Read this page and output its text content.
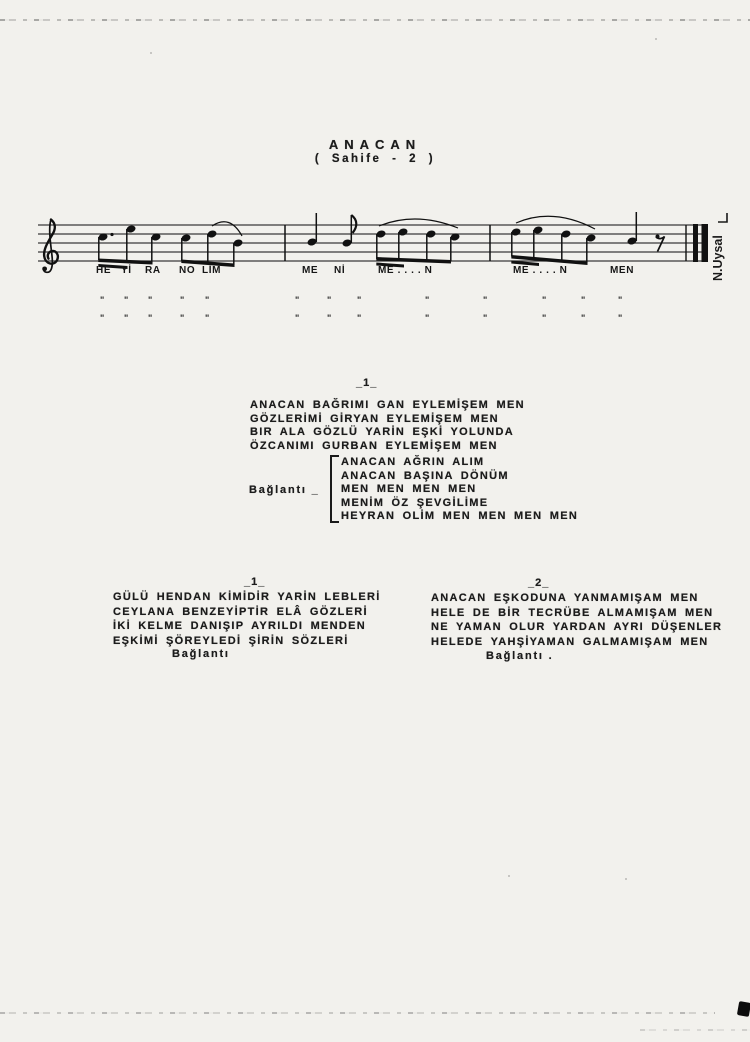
ANACAN
( Sahife - 2 )
N.Uysal
HE Yİ RA NO LİM	ME Nİ	ME . . . . N	ME . . . . N	MEN
" " "	" "	"	"	"	"	"	"	"	"
" " "	" "	"	"	"	"	"	"	"	"
_1_
ANACAN BAĞRIMI GAN EYLEMİŞEM MEN
GÖZLERİMİ GİRYAN EYLEMİŞEM MEN
BIR ALA GÖZLÜ YARİN EŞKİ YOLUNDA
ÖZCANIMI GURBAN EYLEMİŞEM MEN
Bağlantı _
ANACAN AĞRIN ALIM
ANACAN BAŞINA DÖNÜM
MEN MEN MEN MEN
MENİM ÖZ ŞEVGİLİME
HEYRAN OLİM MEN MEN MEN MEN
_1_
GÜLÜ HENDAN KİMİDİR YARİN LEBLERİ
CEYLANA BENZEYİPTİR ELÂ GÖZLERİ
İKİ KELME DANIŞIP AYRILDI MENDEN
EŞKİMİ ŞÖREYLEDİ ŞİRİN SÖZLERİ
Bağlantı
_2_
ANACAN EŞKODUNA YANMAMIŞAM MEN
HELE DE BİR TECRÜBE ALMAMIŞAM MEN
NE YAMAN OLUR YARDAN AYRI DÜŞENLER
HELEDE YAHŞİYAMAN GALMAMIŞAM MEN
Bağlantı .
